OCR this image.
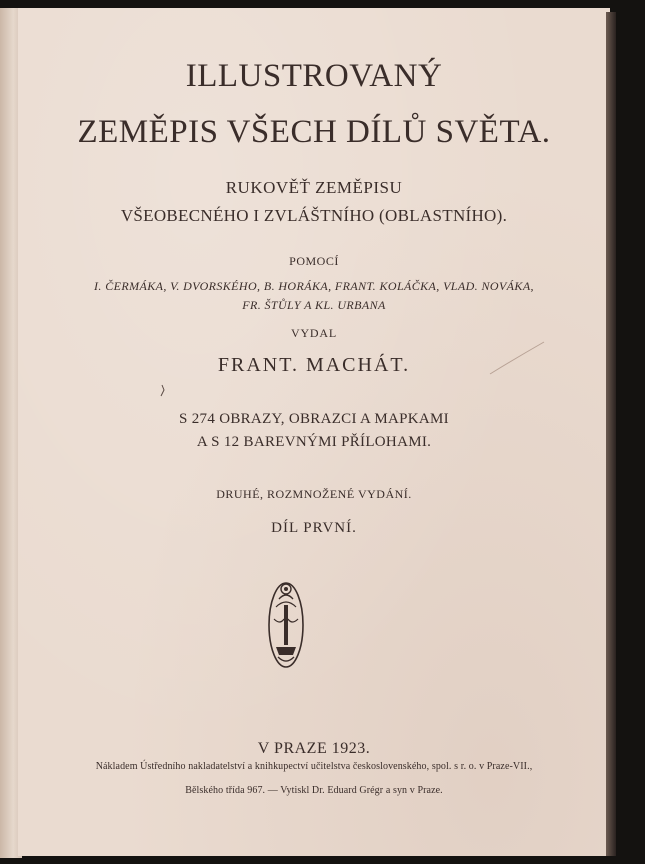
ILLUSTROVANÝ
ZEMĚPIS VŠECH DÍLŮ SVĚTA.
RUKOVĚŤ ZEMĚPISU
VŠEOBECNÉHO I ZVLÁŠTNÍHO (OBLASTNÍHO).
POMOCÍ
I. ČERMÁKA, V. DVORSKÉHO, B. HORÁKA, FRANT. KOLÁČKA, VLAD. NOVÁKA,
FR. ŠTŮLY A KL. URBANA
VYDAL
FRANT. MACHÁT.
S 274 OBRAZY, OBRAZCI A MAPKAMI
A S 12 BAREVNÝMI PŘÍLOHAMI.
DRUHÉ, ROZMNOŽENÉ VYDÁNÍ.
DÍL PRVNÍ.
V PRAZE 1923.
Nákladem Ústředního nakladatelství a knihkupectví učitelstva československého, spol. s r. o. v Praze-VII.,
Bělského třída 967. — Vytiskl Dr. Eduard Grégr a syn v Praze.
